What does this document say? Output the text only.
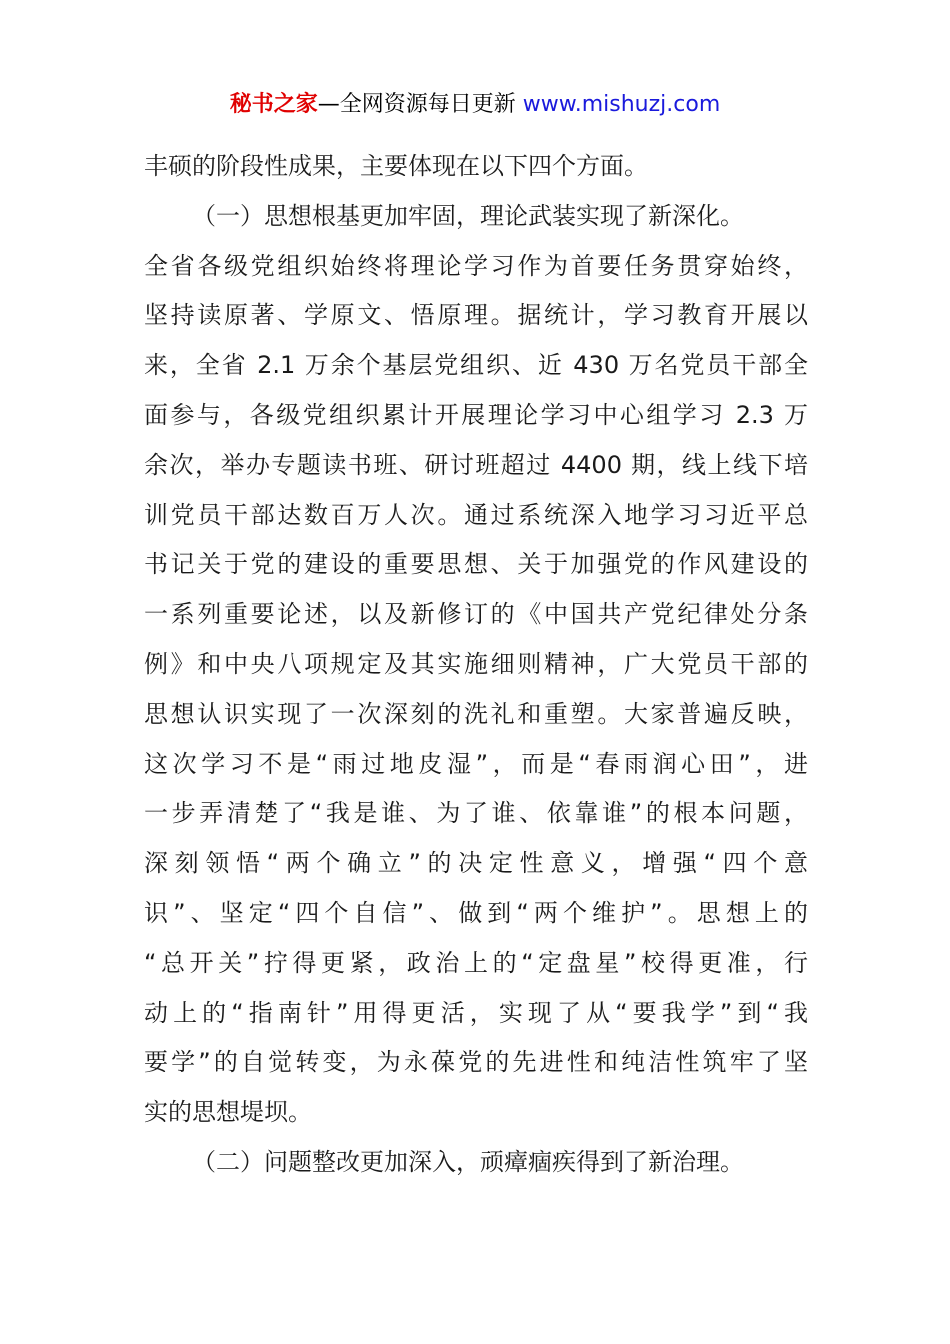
秘书之家—全网资源每日更新 www.mishuzj.com
丰硕的阶段性成果，主要体现在以下四个方面。
（一）思想根基更加牢固，理论武装实现了新深化。
全省各级党组织始终将理论学习作为首要任务贯穿始终，
坚持读原著、学原文、悟原理。据统计，学习教育开展以
来，全省 2.1 万余个基层党组织、近 430 万名党员干部全
面参与，各级党组织累计开展理论学习中心组学习 2.3 万
余次，举办专题读书班、研讨班超过 4400 期，线上线下培
训党员干部达数百万人次。通过系统深入地学习习近平总
书记关于党的建设的重要思想、关于加强党的作风建设的
一系列重要论述，以及新修订的《中国共产党纪律处分条
例》和中央八项规定及其实施细则精神，广大党员干部的
思想认识实现了一次深刻的洗礼和重塑。大家普遍反映，
这次学习不是“雨过地皮湿”，而是“春雨润心田”，进
一步弄清楚了“我是谁、为了谁、依靠谁”的根本问题，
深刻领悟“两个确立”的决定性意义，增强“四个意
识”、坚定“四个自信”、做到“两个维护”。思想上的
“总开关”拧得更紧，政治上的“定盘星”校得更准，行
动上的“指南针”用得更活，实现了从“要我学”到“我
要学”的自觉转变，为永葆党的先进性和纯洁性筑牢了坚
实的思想堤坝。
（二）问题整改更加深入，顽瘴痼疾得到了新治理。
